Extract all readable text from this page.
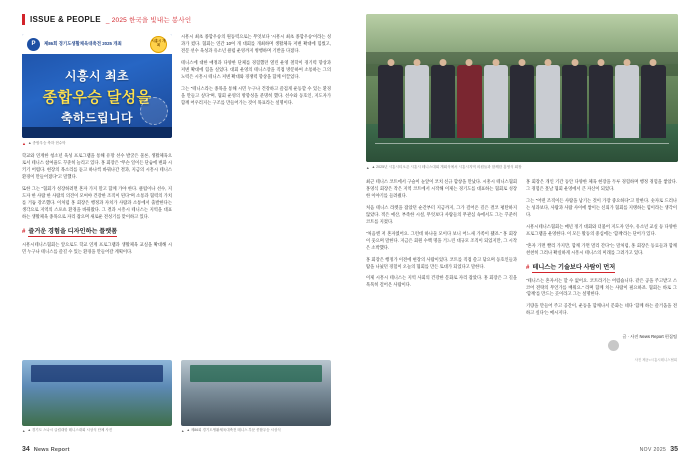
ISSUE & PEOPLE _ 2025 한국을 빛내는 봉사인
P	제86회 경기도생활체육대축전 2025 개최	시흥시 개최
시흥시 최초
종합우승 달성을
축하드립니다
▲ ▲ 종합우승 축하 현수막

학교와 연계한 청소년 육성 프로그램을 통해 유망 선수 발굴은 물론, 생활체육으로서 테니스 참여율도 꾸준히 늘리고 있다. 홍 회장은 "무슨 일이든 단숨에 변화 시키기 어렵다. 현장의 목소리를 듣고 하나씩 바꿔나간 결과, 지금의 시흥시 테니스 환경이 만들어졌다"고 말했다.

또한 그는 "협회가 성장하려면 혼자 가지 말고 함께 가야 한다. 클럽이나 선수, 지도자 한 사람 한 사람의 의견이 모여야 건강한 조직이 된다"며 소통과 협력의 가치를 거듭 강조했다. 이처럼 홍 회장은 행정과 자치가 사람과 소통에서 출발한다는 생각으로 지역의 스포츠 환경을 바꿔왔다. 그 결과 시흥시 테니스는 지역을 대표하는 생활체육 종목으로 자리 잡으며 새로운 전성기를 맞이하고 있다.

# 즐거운 경험을 디자인하는 플랫폼

시흥시테니스협회는 앞으로도 학교 연계 프로그램과 생활체육 교실을 확대해 시민 누구나 테니스를 즐길 수 있는 환경을 만들어갈 계획이다.

시흥시 최초 종합우승의 원동력으로는 무엇보다 '시흥시 최초 종합우승'이라는 성과가 컸다. 협회는 연간 10여 개 대회를 개최하며 생활체육 저변 확대에 힘썼고, 전문 선수 육성과 유소년 클럽 운영까지 병행하며 기반을 다졌다.

테니스에 대한 애정과 다양한 단체를 경험했던 열린 운영 철학이 경기력 향상과 저변 확대에 힘을 실었다. 대회 운영의 테니스장을 직접 방문하여 소통하는 그의 노력은 시흥시 테니스 저변 확대와 경쟁력 향상을 함께 이끌었다.

그는 "테니스라는 종목을 통해 시민 누구나 건강하고 즐겁게 운동할 수 있는 환경을 만들고 싶다"며, 협회 운영의 방향성을 분명히 했다. 선수와 동호인, 지도자가 함께 어우러지는 구조를 만들어가는 것이 목표라는 설명이다.

▲ ▲ 경기도 스나시 클럽대항 테니스대회 시상식 단체 사진	▲ ▲ 제86회 경기도생활체육대축전 테니스 부문 종합우승 시상식
34 News Report
▲ ▲ 2025년 시흥시티오픈 시흥시 테니스대회 개회식에서 시흥시지역 의원들과 함께한 홍영식 회장

최근 테니스 코트에서 구슬이 눈앞이 코치 신규 합창을 만났다. 시흥시 테니스협회 홍영식 회장은 작은 지역 코트에서 시작해 이제는 경기도를 대표하는 협회로 성장한 이야기를 들려줬다.

처음 테니스 라켓을 잡았던 순간부터 지금까지, 그가 걸어온 길은 결코 평탄하지 않았다. 적은 예산, 부족한 시설, 무엇보다 사람들의 무관심 속에서도 그는 꾸준히 코트를 지켰다.

"처음엔 저 혼자였어요. 그런데 하나둘 모이다 보니 어느새 가족이 됐죠." 홍 회장이 웃으며 말한다. 지금은 회원 수백 명을 거느린 대규모 조직이 되었지만, 그 시작은 소박했다.

홍 회장은 행정가 이전에 현장의 사람이었다. 코트를 직접 쓸고 닦으며 동호인들과 땀을 나눴던 경험이 오늘의 협회를 만든 토대가 되었다고 말한다.

이제 시흥시 테니스는 지역 사회의 건강한 문화로 자리 잡았다. 홍 회장은 그 길을 묵묵히 걸어온 사람이다.

홍 회장은 개인 기간 동안 다양한 체육 현장을 두루 경험하며 행정 경험을 쌓았다. 그 경험은 훗날 협회 운영에서 큰 자산이 되었다.

그는 "어떤 조직이든 사람을 남기는 것이 가장 중요하다"고 말한다. 숫자로 드러나는 성과보다, 사람과 사람 사이에 쌓이는 신뢰가 협회를 지탱하는 힘이라는 생각이다.

시흥시테니스협회는 매년 정기 대회와 더불어 지도자 연수, 유소년 교실 등 다양한 프로그램을 운영한다. 이 모든 활동의 중심에는 '함께'라는 단어가 있다.

"혼자 가면 빨리 가지만, 함께 가면 멀리 간다"는 말처럼, 홍 회장은 동료들과 함께 천천히 그러나 확실하게 시흥시 테니스의 미래를 그려가고 있다.

# 테니스는 기술보다 사람이 먼저

"테니스는 혼자서는 할 수 없어요. 코트라기는 어렵습니다. 같은 공을 주고받고 스코어 전략의 무언가를 배워요." 라며 함께 치는 사람이 필요하죠. 협회는 바로 그 '함께'를 만드는 곳이라고 그는 설명한다.

기량을 만들어 주고 공간이, 운동을 함께나서 문화는 네다 '함께 하는 즐거움을 전하고 싶다'는 메시지다.

글 · 사진 News Report 편집팀
사진 제공=시흥시테니스협회
NOV 2025 35
